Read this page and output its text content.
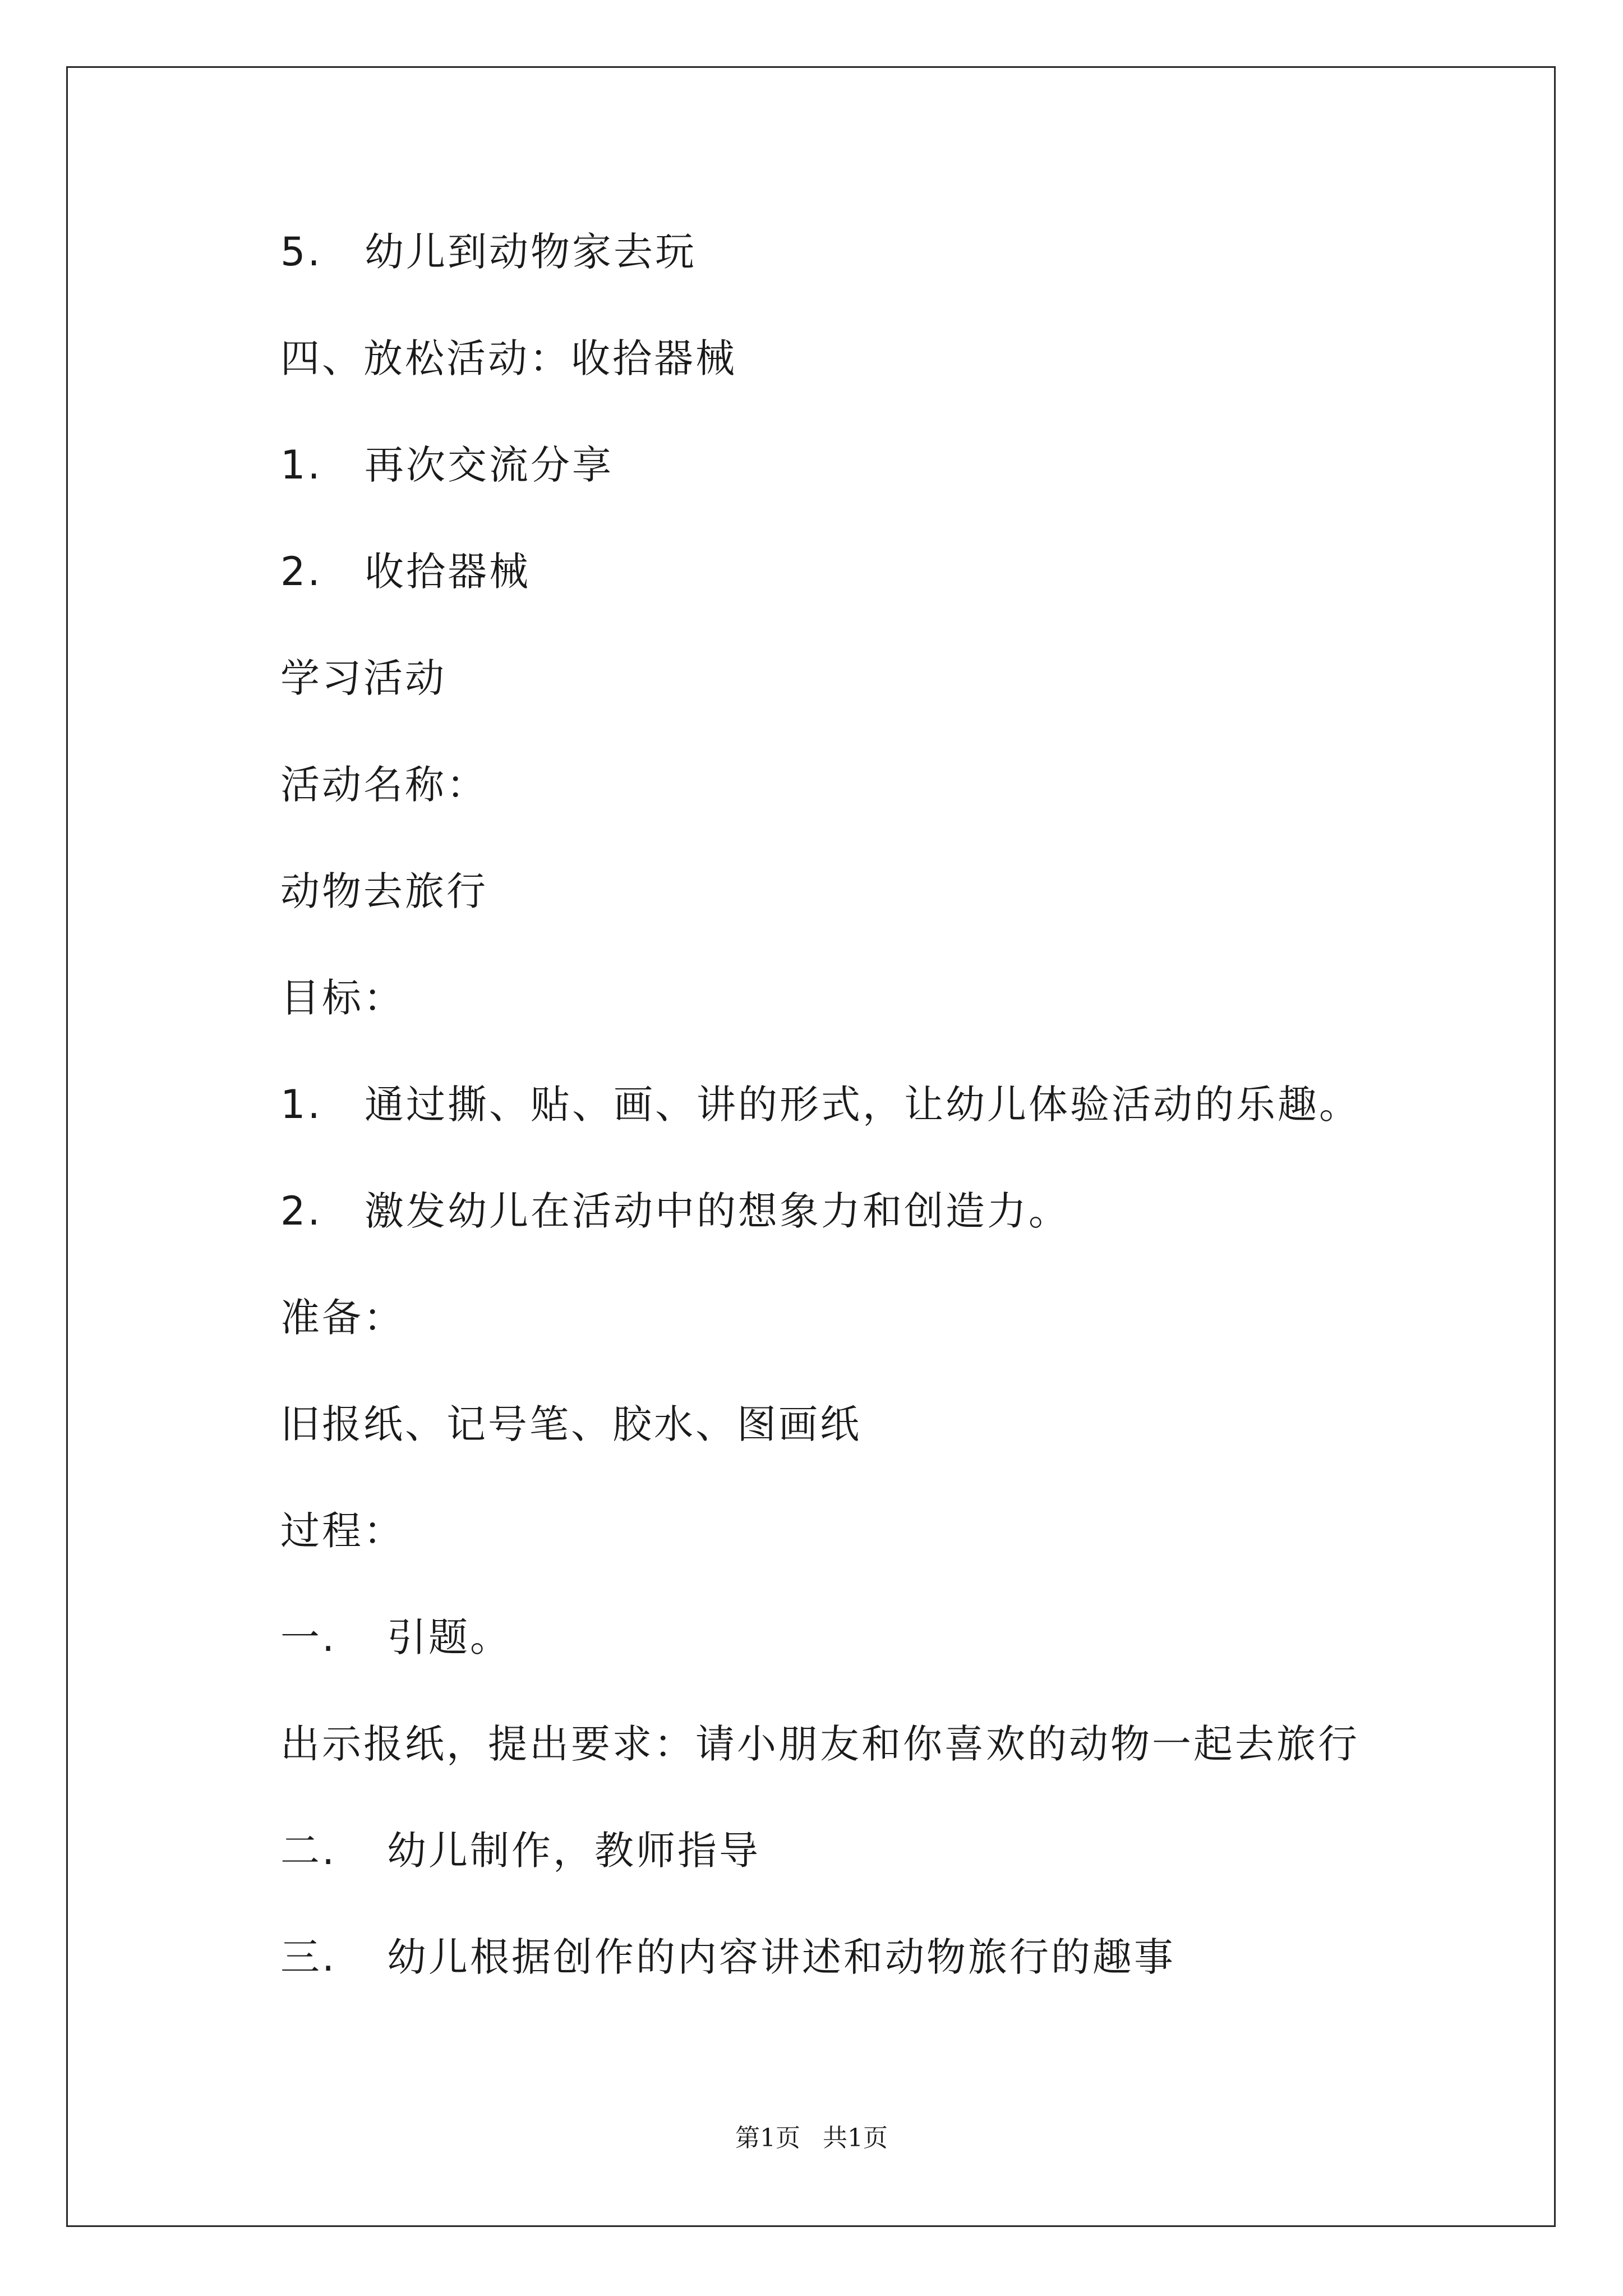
5. 幼儿到动物家去玩
四、放松活动：收拾器械
1. 再次交流分享
2. 收拾器械
学习活动
活动名称：
动物去旅行
目标：
1. 通过撕、贴、画、讲的形式，让幼儿体验活动的乐趣。
2. 激发幼儿在活动中的想象力和创造力。
准备：
旧报纸、记号笔、胶水、图画纸
过程：
一. 引题。
出示报纸，提出要求：请小朋友和你喜欢的动物一起去旅行
二. 幼儿制作，教师指导
三. 幼儿根据创作的内容讲述和动物旅行的趣事
第1页 共1页
